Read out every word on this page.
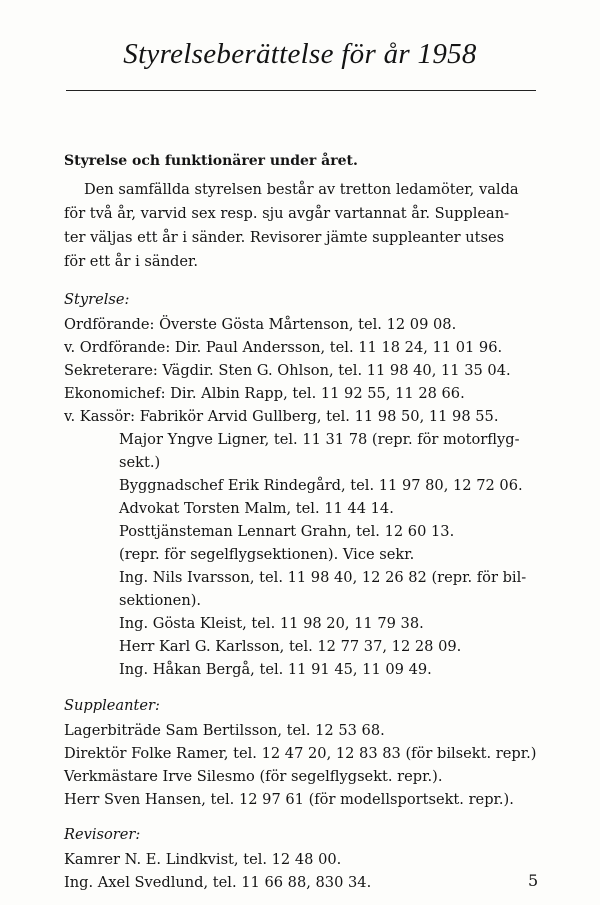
Styrelseberättelse för år 1958
Styrelse och funktionärer under året.
Den samfällda styrelsen består av tretton ledamöter, valda
för två år, varvid sex resp. sju avgår vartannat år. Supplean-
ter väljas ett år i sänder. Revisorer jämte suppleanter utses
för ett år i sänder.
Styrelse:
Ordförande: Överste Gösta Mårtenson, tel. 12 09 08.
v. Ordförande: Dir. Paul Andersson, tel. 11 18 24, 11 01 96.
Sekreterare: Vägdir. Sten G. Ohlson, tel. 11 98 40, 11 35 04.
Ekonomichef: Dir. Albin Rapp, tel. 11 92 55, 11 28 66.
v. Kassör: Fabrikör Arvid Gullberg, tel. 11 98 50, 11 98 55.
Major Yngve Ligner, tel. 11 31 78 (repr. för motorflyg-
sekt.)
Byggnadschef Erik Rindegård, tel. 11 97 80, 12 72 06.
Advokat Torsten Malm, tel. 11 44 14.
Posttjänsteman Lennart Grahn, tel. 12 60 13.
(repr. för segelflygsektionen). Vice sekr.
Ing. Nils Ivarsson, tel. 11 98 40, 12 26 82 (repr. för bil-
sektionen).
Ing. Gösta Kleist, tel. 11 98 20, 11 79 38.
Herr Karl G. Karlsson, tel. 12 77 37, 12 28 09.
Ing. Håkan Bergå, tel. 11 91 45, 11 09 49.
Suppleanter:
Lagerbiträde Sam Bertilsson, tel. 12 53 68.
Direktör Folke Ramer, tel. 12 47 20, 12 83 83 (för bilsekt. repr.)
Verkmästare Irve Silesmo (för segelflygsekt. repr.).
Herr Sven Hansen, tel. 12 97 61 (för modellsportsekt. repr.).
Revisorer:
Kamrer N. E. Lindkvist, tel. 12 48 00.
Ing. Axel Svedlund, tel. 11 66 88, 830 34.	5
